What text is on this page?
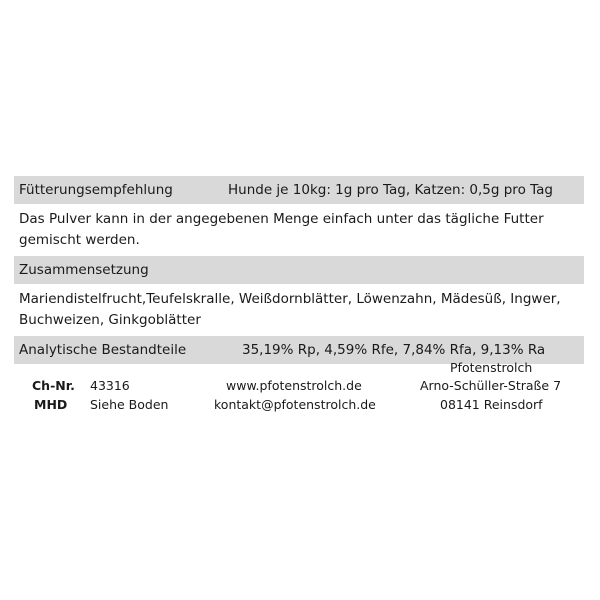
Fütterungsempfehlung	Hunde je 10kg: 1g pro Tag, Katzen: 0,5g pro Tag
Das Pulver kann in der angegebenen Menge einfach unter das tägliche Futter gemischt werden.
Zusammensetzung
Mariendistelfrucht,Teufelskralle, Weißdornblätter, Löwenzahn, Mädesüß, Ingwer, Buchweizen, Ginkgoblätter
Analytische Bestandteile	35,19% Rp, 4,59% Rfe, 7,84% Rfa, 9,13% Ra
Ch-Nr. 43316
MHD Siehe Boden
www.pfotenstrolch.de
kontakt@pfotenstrolch.de
Pfotenstrolch
Arno-Schüller-Straße 7
08141 Reinsdorf
